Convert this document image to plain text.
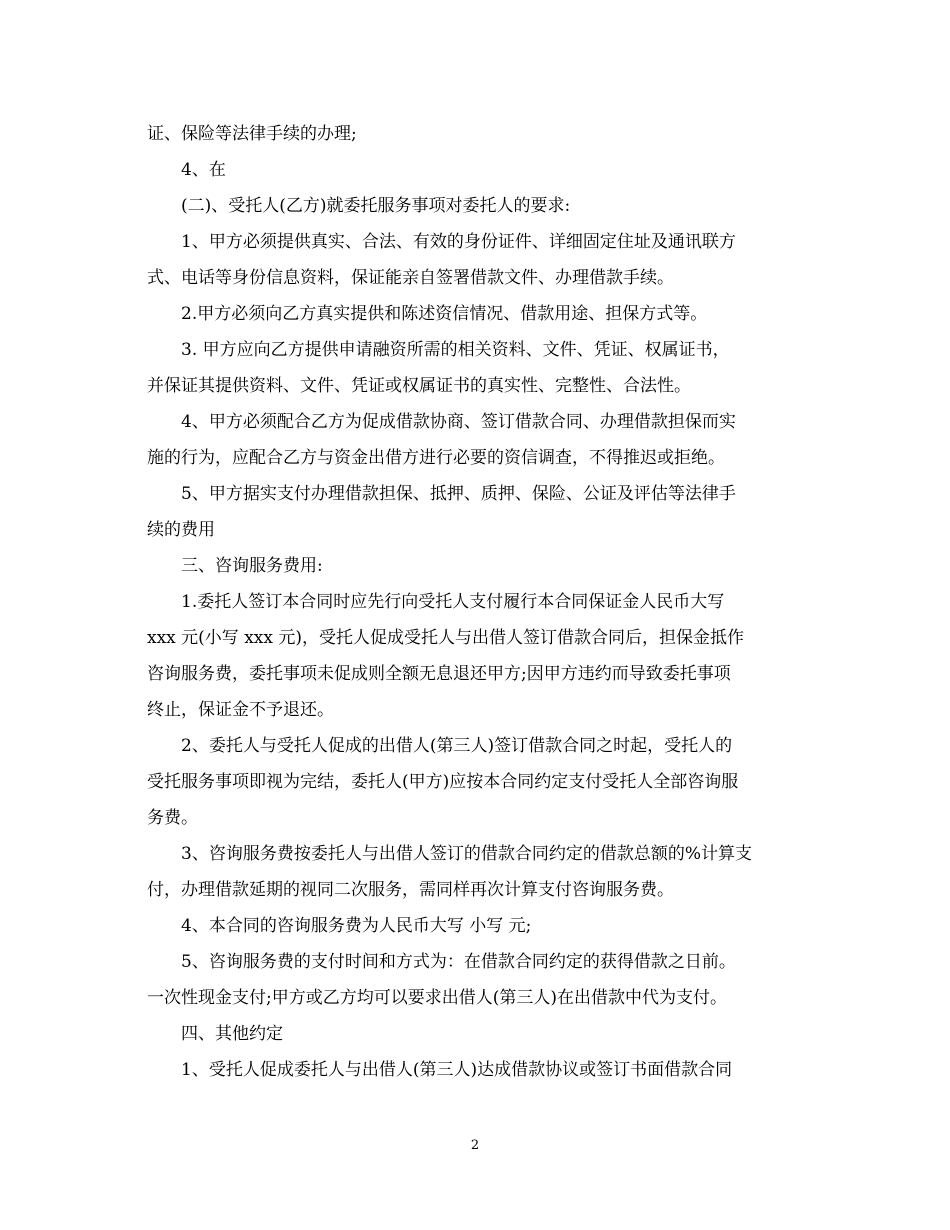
证、保险等法律手续的办理;
4、在
(二)、受托人(乙方)就委托服务事项对委托人的要求:
1、甲方必须提供真实、合法、有效的身份证件、详细固定住址及通讯联方
式、电话等身份信息资料，保证能亲自签署借款文件、办理借款手续。
2.甲方必须向乙方真实提供和陈述资信情况、借款用途、担保方式等。
3. 甲方应向乙方提供申请融资所需的相关资料、文件、凭证、权属证书，
并保证其提供资料、文件、凭证或权属证书的真实性、完整性、合法性。
4、甲方必须配合乙方为促成借款协商、签订借款合同、办理借款担保而实
施的行为，应配合乙方与资金出借方进行必要的资信调查，不得推迟或拒绝。
5、甲方据实支付办理借款担保、抵押、质押、保险、公证及评估等法律手
续的费用
三、咨询服务费用:
1.委托人签订本合同时应先行向受托人支付履行本合同保证金人民币大写
xxx 元(小写 xxx 元)，受托人促成受托人与出借人签订借款合同后，担保金抵作
咨询服务费，委托事项未促成则全额无息退还甲方;因甲方违约而导致委托事项
终止，保证金不予退还。
2、委托人与受托人促成的出借人(第三人)签订借款合同之时起，受托人的
受托服务事项即视为完结，委托人(甲方)应按本合同约定支付受托人全部咨询服
务费。
3、咨询服务费按委托人与出借人签订的借款合同约定的借款总额的%计算支
付，办理借款延期的视同二次服务，需同样再次计算支付咨询服务费。
4、本合同的咨询服务费为人民币大写 小写 元;
5、咨询服务费的支付时间和方式为：在借款合同约定的获得借款之日前。
一次性现金支付;甲方或乙方均可以要求出借人(第三人)在出借款中代为支付。
四、其他约定
1、受托人促成委托人与出借人(第三人)达成借款协议或签订书面借款合同
2
